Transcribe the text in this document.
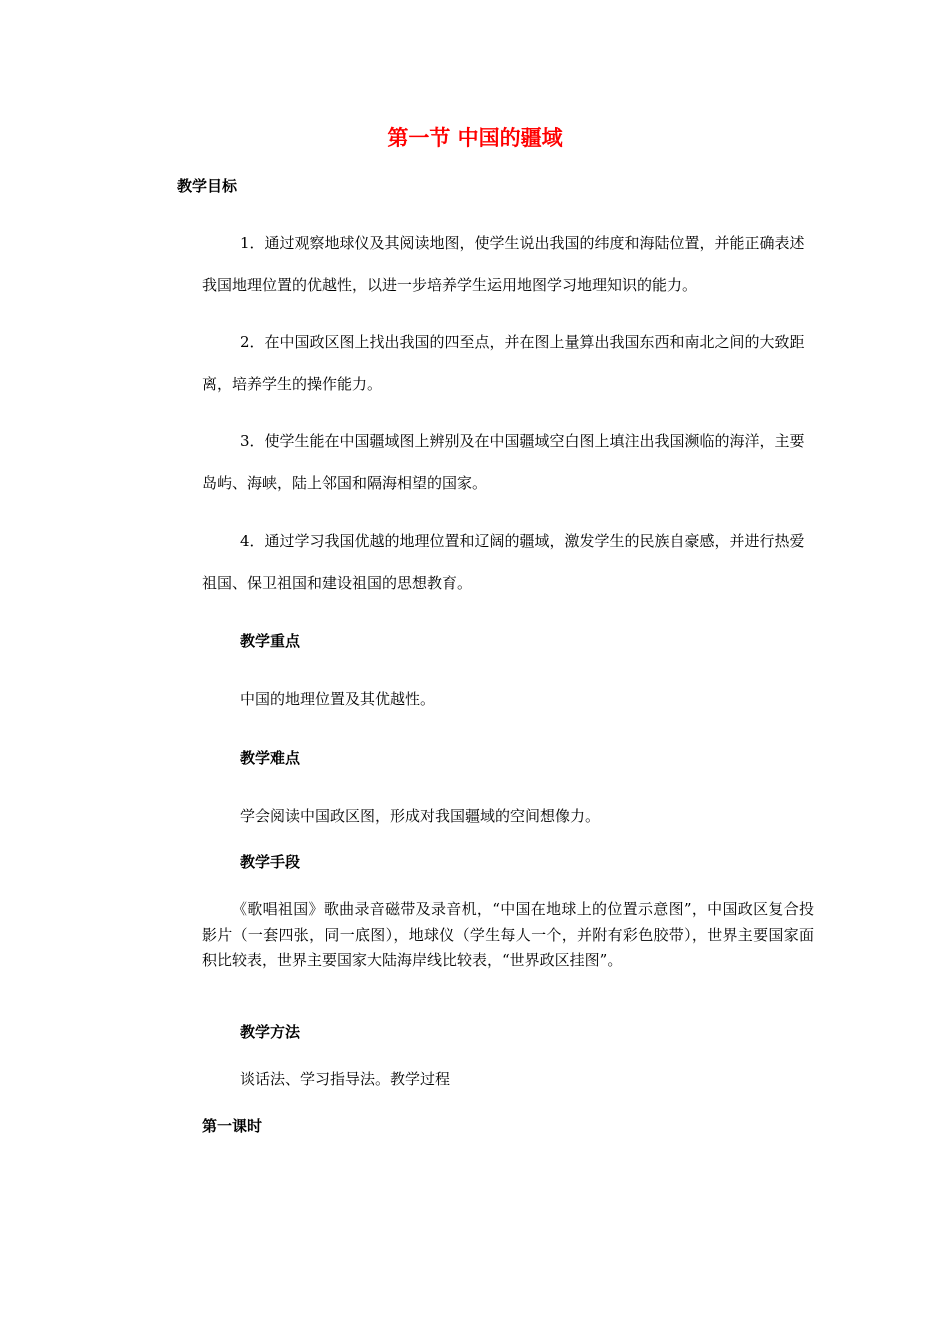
第一节 中国的疆域
教学目标

1．通过观察地球仪及其阅读地图，使学生说出我国的纬度和海陆位置，并能正确表述我国地理位置的优越性，以进一步培养学生运用地图学习地理知识的能力。

2．在中国政区图上找出我国的四至点，并在图上量算出我国东西和南北之间的大致距离，培养学生的操作能力。

3．使学生能在中国疆域图上辨别及在中国疆域空白图上填注出我国濒临的海洋，主要岛屿、海峡，陆上邻国和隔海相望的国家。

4．通过学习我国优越的地理位置和辽阔的疆域，激发学生的民族自豪感，并进行热爱祖国、保卫祖国和建设祖国的思想教育。

教学重点

中国的地理位置及其优越性。

教学难点

学会阅读中国政区图，形成对我国疆域的空间想像力。

教学手段

《歌唱祖国》歌曲录音磁带及录音机，“中国在地球上的位置示意图”，中国政区复合投影片（一套四张，同一底图），地球仪（学生每人一个，并附有彩色胶带），世界主要国家面积比较表，世界主要国家大陆海岸线比较表，“世界政区挂图”。

教学方法

谈话法、学习指导法。教学过程

第一课时
